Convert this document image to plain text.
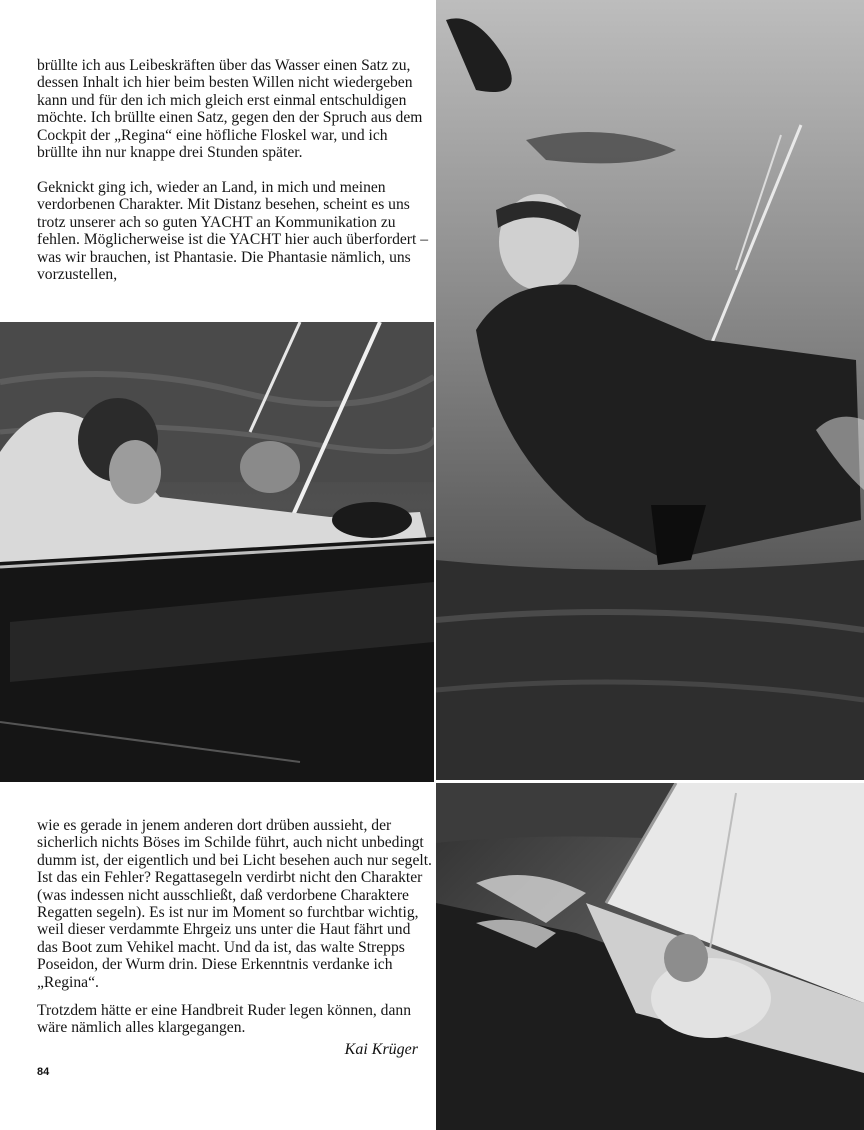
brüllte ich aus Leibeskräften über das Wasser einen Satz zu, dessen Inhalt ich hier beim besten Willen nicht wiedergeben kann und für den ich mich gleich erst einmal entschuldigen möchte. Ich brüllte einen Satz, gegen den der Spruch aus dem Cockpit der „Regina“ eine höfliche Floskel war, und ich brüllte ihn nur knappe drei Stunden später.

Geknickt ging ich, wieder an Land, in mich und meinen verdorbenen Charakter. Mit Distanz besehen, scheint es uns trotz unserer ach so guten YACHT an Kommunikation zu fehlen. Möglicherweise ist die YACHT hier auch überfordert – was wir brauchen, ist Phantasie. Die Phantasie nämlich, uns vorzustellen,

wie es gerade in jenem anderen dort drüben aussieht, der sicherlich nichts Böses im Schilde führt, auch nicht unbedingt dumm ist, der eigentlich und bei Licht besehen auch nur segelt. Ist das ein Fehler? Regattasegeln verdirbt nicht den Charakter (was indessen nicht ausschließt, daß verdorbene Charaktere Regatten segeln). Es ist nur im Moment so furchtbar wichtig, weil dieser verdammte Ehrgeiz uns unter die Haut fährt und das Boot zum Vehikel macht. Und da ist, das walte Strepps Poseidon, der Wurm drin. Diese Erkenntnis verdanke ich „Regina“.

Trotzdem hätte er eine Handbreit Ruder legen können, dann wäre nämlich alles klargegangen.

Kai Krüger

84
